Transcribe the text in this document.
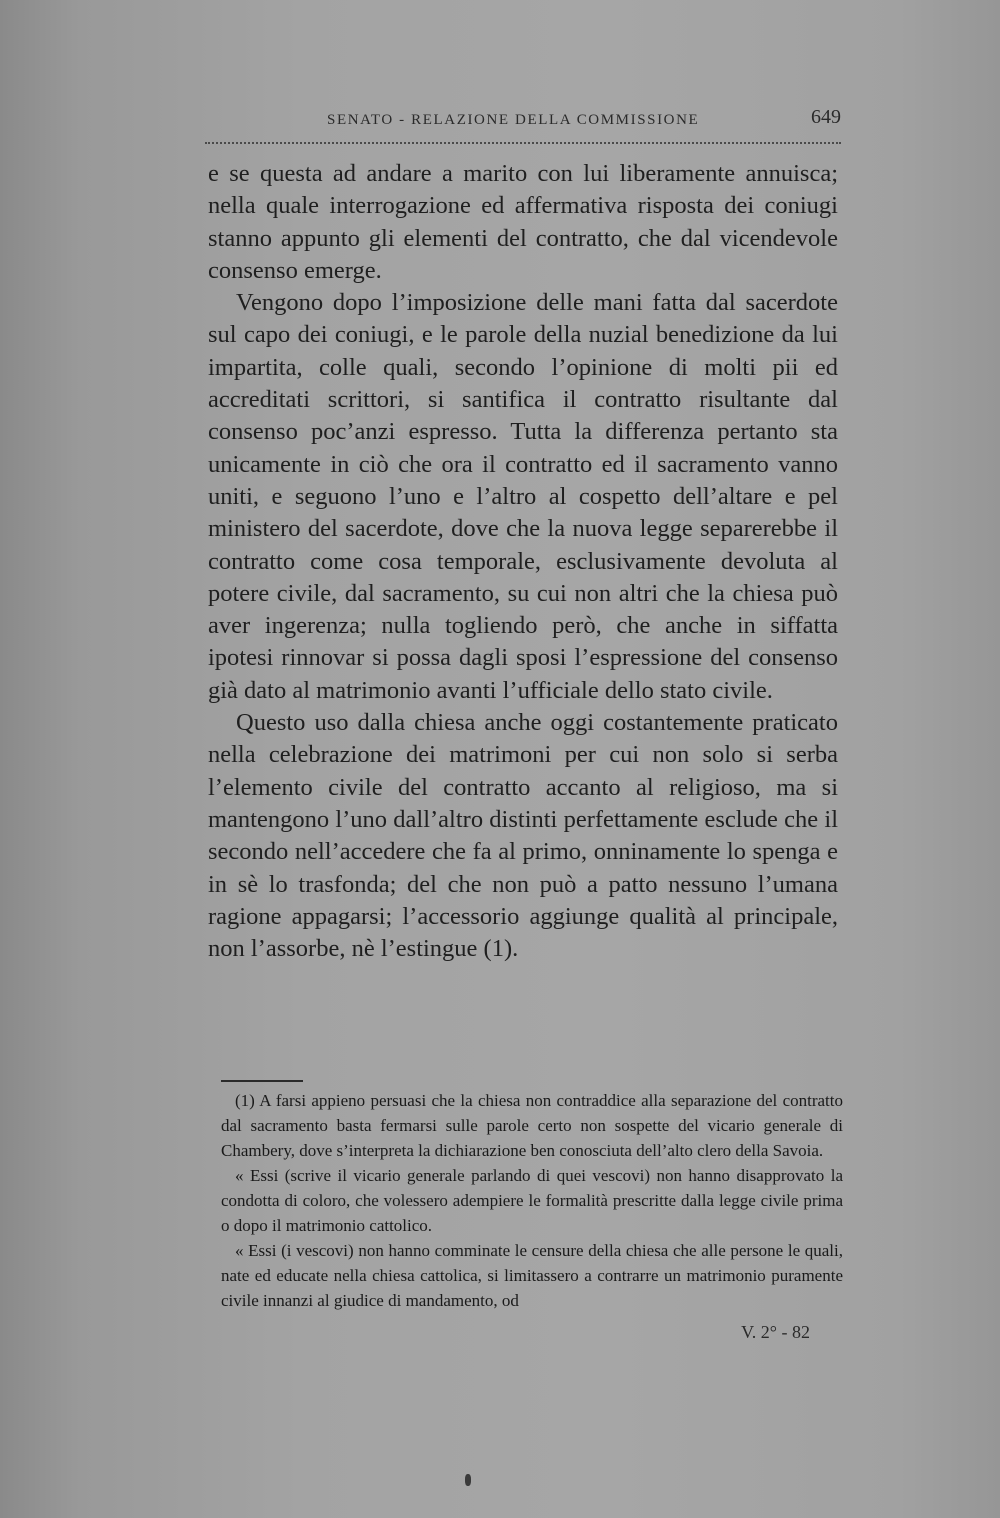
SENATO - RELAZIONE DELLA COMMISSIONE	649

e se questa ad andare a marito con lui liberamente annuisca; nella quale interrogazione ed affermativa risposta dei coniugi stanno appunto gli elementi del contratto, che dal vicendevole consenso emerge.

Vengono dopo l’imposizione delle mani fatta dal sacerdote sul capo dei coniugi, e le parole della nuzial benedizione da lui impartita, colle quali, secondo l’opinione di molti pii ed accreditati scrittori, si santifica il contratto risultante dal consenso poc’anzi espresso. Tutta la differenza pertanto sta unicamente in ciò che ora il contratto ed il sacramento vanno uniti, e seguono l’uno e l’altro al cospetto dell’altare e pel ministero del sacerdote, dove che la nuova legge separerebbe il contratto come cosa temporale, esclusivamente devoluta al potere civile, dal sacramento, su cui non altri che la chiesa può aver ingerenza; nulla togliendo però, che anche in siffatta ipotesi rinnovar si possa dagli sposi l’espressione del consenso già dato al matrimonio avanti l’ufficiale dello stato civile.

Questo uso dalla chiesa anche oggi costantemente praticato nella celebrazione dei matrimoni per cui non solo si serba l’elemento civile del contratto accanto al religioso, ma si mantengono l’uno dall’altro distinti perfettamente esclude che il secondo nell’accedere che fa al primo, onninamente lo spenga e in sè lo trasfonda; del che non può a patto nessuno l’umana ragione appagarsi; l’accessorio aggiunge qualità al principale, non l’assorbe, nè l’estingue (1).

(1) A farsi appieno persuasi che la chiesa non contraddice alla separazione del contratto dal sacramento basta fermarsi sulle parole certo non sospette del vicario generale di Chambery, dove s’interpreta la dichiarazione ben conosciuta dell’alto clero della Savoia.

« Essi (scrive il vicario generale parlando di quei vescovi) non hanno disapprovato la condotta di coloro, che volessero adempiere le formalità prescritte dalla legge civile prima o dopo il matrimonio cattolico.

« Essi (i vescovi) non hanno comminate le censure della chiesa che alle persone le quali, nate ed educate nella chiesa cattolica, si limitassero a contrarre un matrimonio puramente civile innanzi al giudice di mandamento, od

V. 2° - 82
